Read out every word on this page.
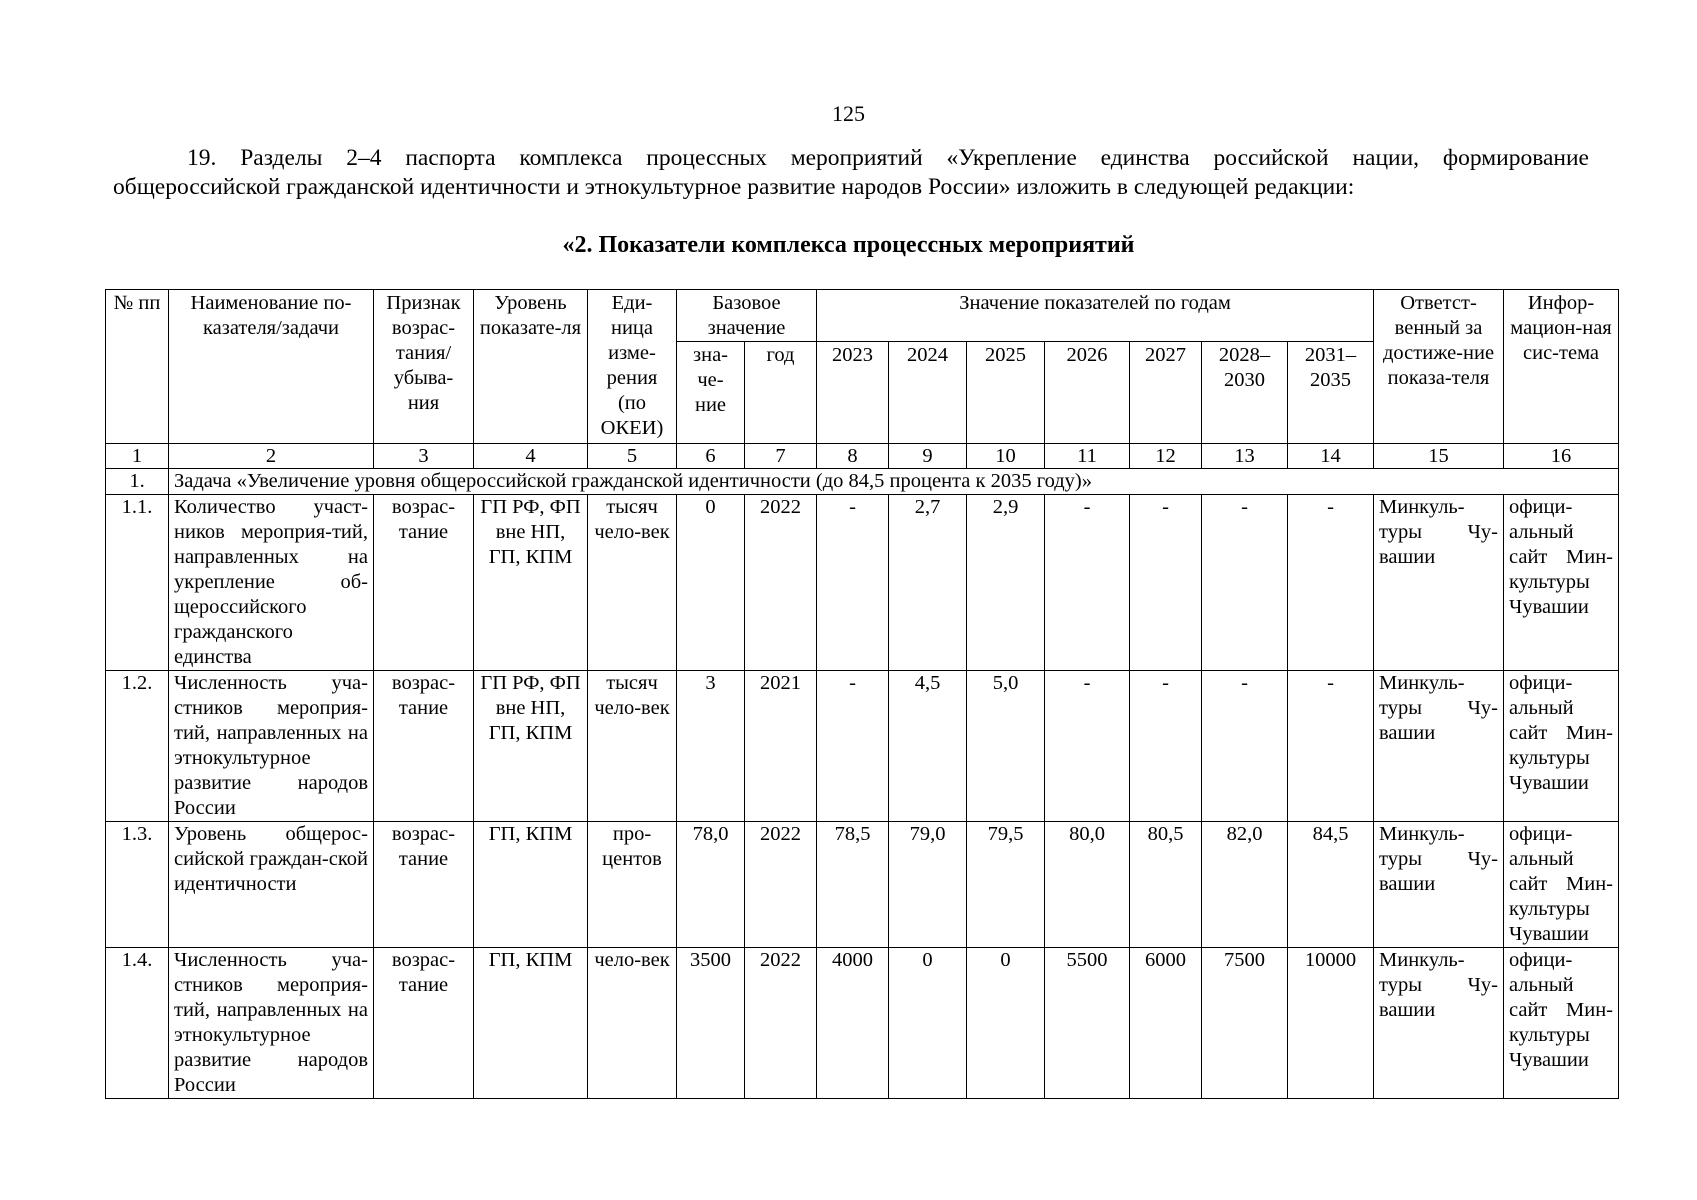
125

19. Разделы 2–4 паспорта комплекса процессных мероприятий «Укрепление единства российской нации, формирование

общероссийской гражданской идентичности и этнокультурное развитие народов России» изложить в следующей редакции:

«2. Показатели комплекса процессных мероприятий
№ пп	Наименование по-казателя/задачи	Признак возрас-тания/ убыва-ния	Уровень показате-ля	Еди-ница изме-рения (по ОКЕИ)	Базовое значение		Значение показателей по годам							Ответст-венный за достиже-ние показа-теля	Инфор-мацион-ная сис-тема
					зна-че-ние	год	2023	2024	2025	2026	2027	2028–2030	2031–2035		
1	2	3	4	5	6	7	8	9	10	11	12	13	14	15	16
1.	Задача «Увеличение уровня общероссийской гражданской идентичности (до 84,5 процента к 2035 году)»														
1.1.	Количество участ-ников мероприя-тий, направленных на укрепление об-щероссийского гражданского единства	возрас-тание	ГП РФ, ФП вне НП, ГП, КПМ	тысяч чело-век	0	2022	-	2,7	2,9	-	-	-	-	Минкуль-туры Чу-вашии	офици-альный сайт Мин-культуры Чувашии
1.2.	Численность уча-стников мероприя-тий, направленных на этнокультурное развитие народов России	возрас-тание	ГП РФ, ФП вне НП, ГП, КПМ	тысяч чело-век	3	2021	-	4,5	5,0	-	-	-	-	Минкуль-туры Чу-вашии	офици-альный сайт Мин-культуры Чувашии
1.3.	Уровень общерос-сийской граждан-ской идентичности	возрас-тание	ГП, КПМ	про-центов	78,0	2022	78,5	79,0	79,5	80,0	80,5	82,0	84,5	Минкуль-туры Чу-вашии	офици-альный сайт Мин-культуры Чувашии
1.4.	Численность уча-стников мероприя-тий, направленных на этнокультурное развитие народов России	возрас-тание	ГП, КПМ	чело-век	3500	2022	4000	0	0	5500	6000	7500	10000	Минкуль-туры Чу-вашии	офици-альный сайт Мин-культуры Чувашии
